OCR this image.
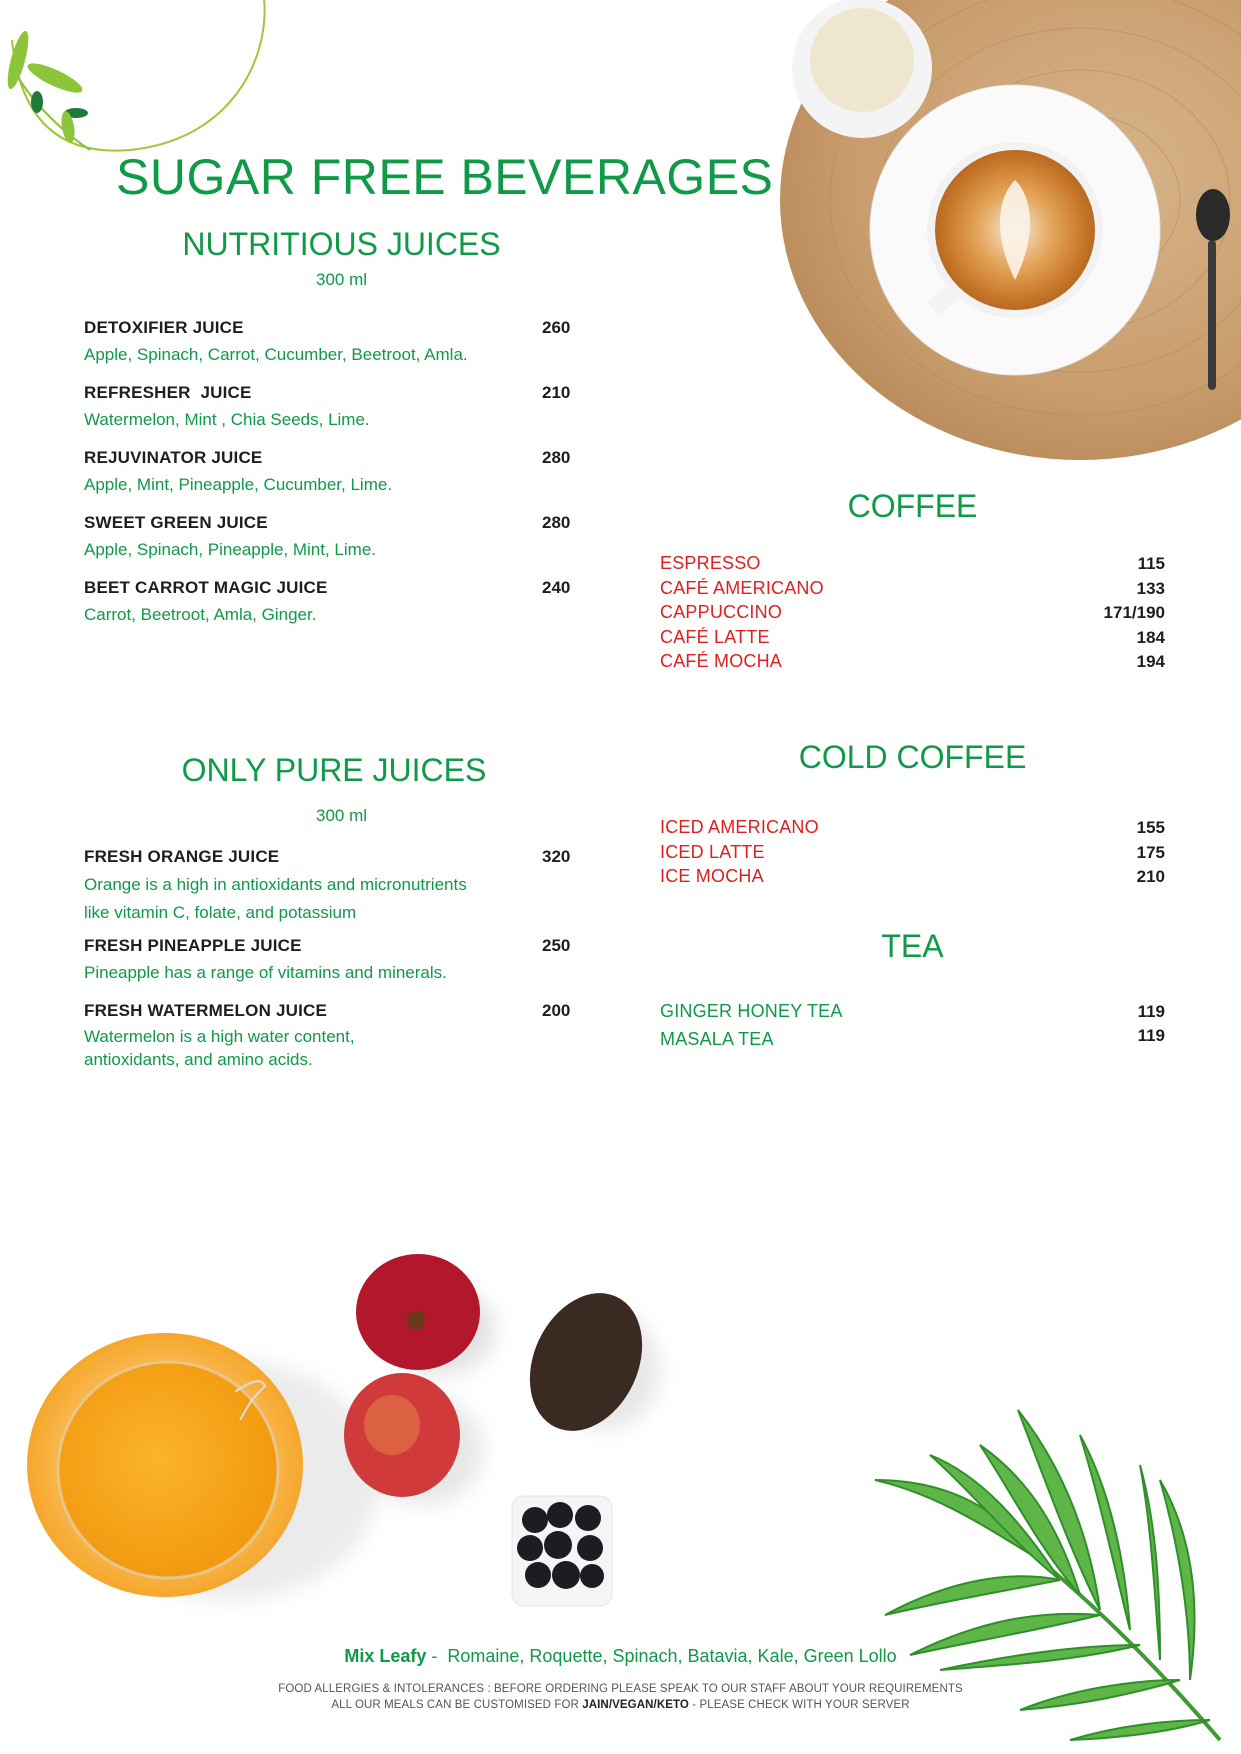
SUGAR FREE BEVERAGES
NUTRITIOUS JUICES
300 ml
DETOXIFIER JUICE	260
Apple, Spinach, Carrot, Cucumber, Beetroot, Amla.
REFRESHER  JUICE	210
Watermelon, Mint , Chia Seeds, Lime.
REJUVINATOR JUICE	280
Apple, Mint, Pineapple, Cucumber, Lime.
SWEET GREEN JUICE	280
Apple, Spinach, Pineapple, Mint, Lime.
BEET CARROT MAGIC JUICE	240
Carrot, Beetroot, Amla, Ginger.
COFFEE
ESPRESSO	115
CAFÉ AMERICANO	133
CAPPUCCINO	171/190
CAFÉ LATTE	184
CAFÉ MOCHA	194
ONLY PURE JUICES
300 ml
FRESH ORANGE JUICE	320
Orange is a high in antioxidants and micronutrients
like vitamin C, folate, and potassium
FRESH PINEAPPLE JUICE	250
Pineapple has a range of vitamins and minerals.
FRESH WATERMELON JUICE	200
Watermelon is a high water content,
antioxidants, and amino acids.
COLD COFFEE
ICED AMERICANO	155
ICED LATTE	175
ICE MOCHA	210
TEA
GINGER HONEY TEA	119
MASALA TEA	119
Mix Leafy -  Romaine, Roquette, Spinach, Batavia, Kale, Green Lollo
FOOD ALLERGIES & INTOLERANCES : BEFORE ORDERING PLEASE SPEAK TO OUR STAFF ABOUT YOUR REQUIREMENTS
ALL OUR MEALS CAN BE CUSTOMISED FOR JAIN/VEGAN/KETO - PLEASE CHECK WITH YOUR SERVER
